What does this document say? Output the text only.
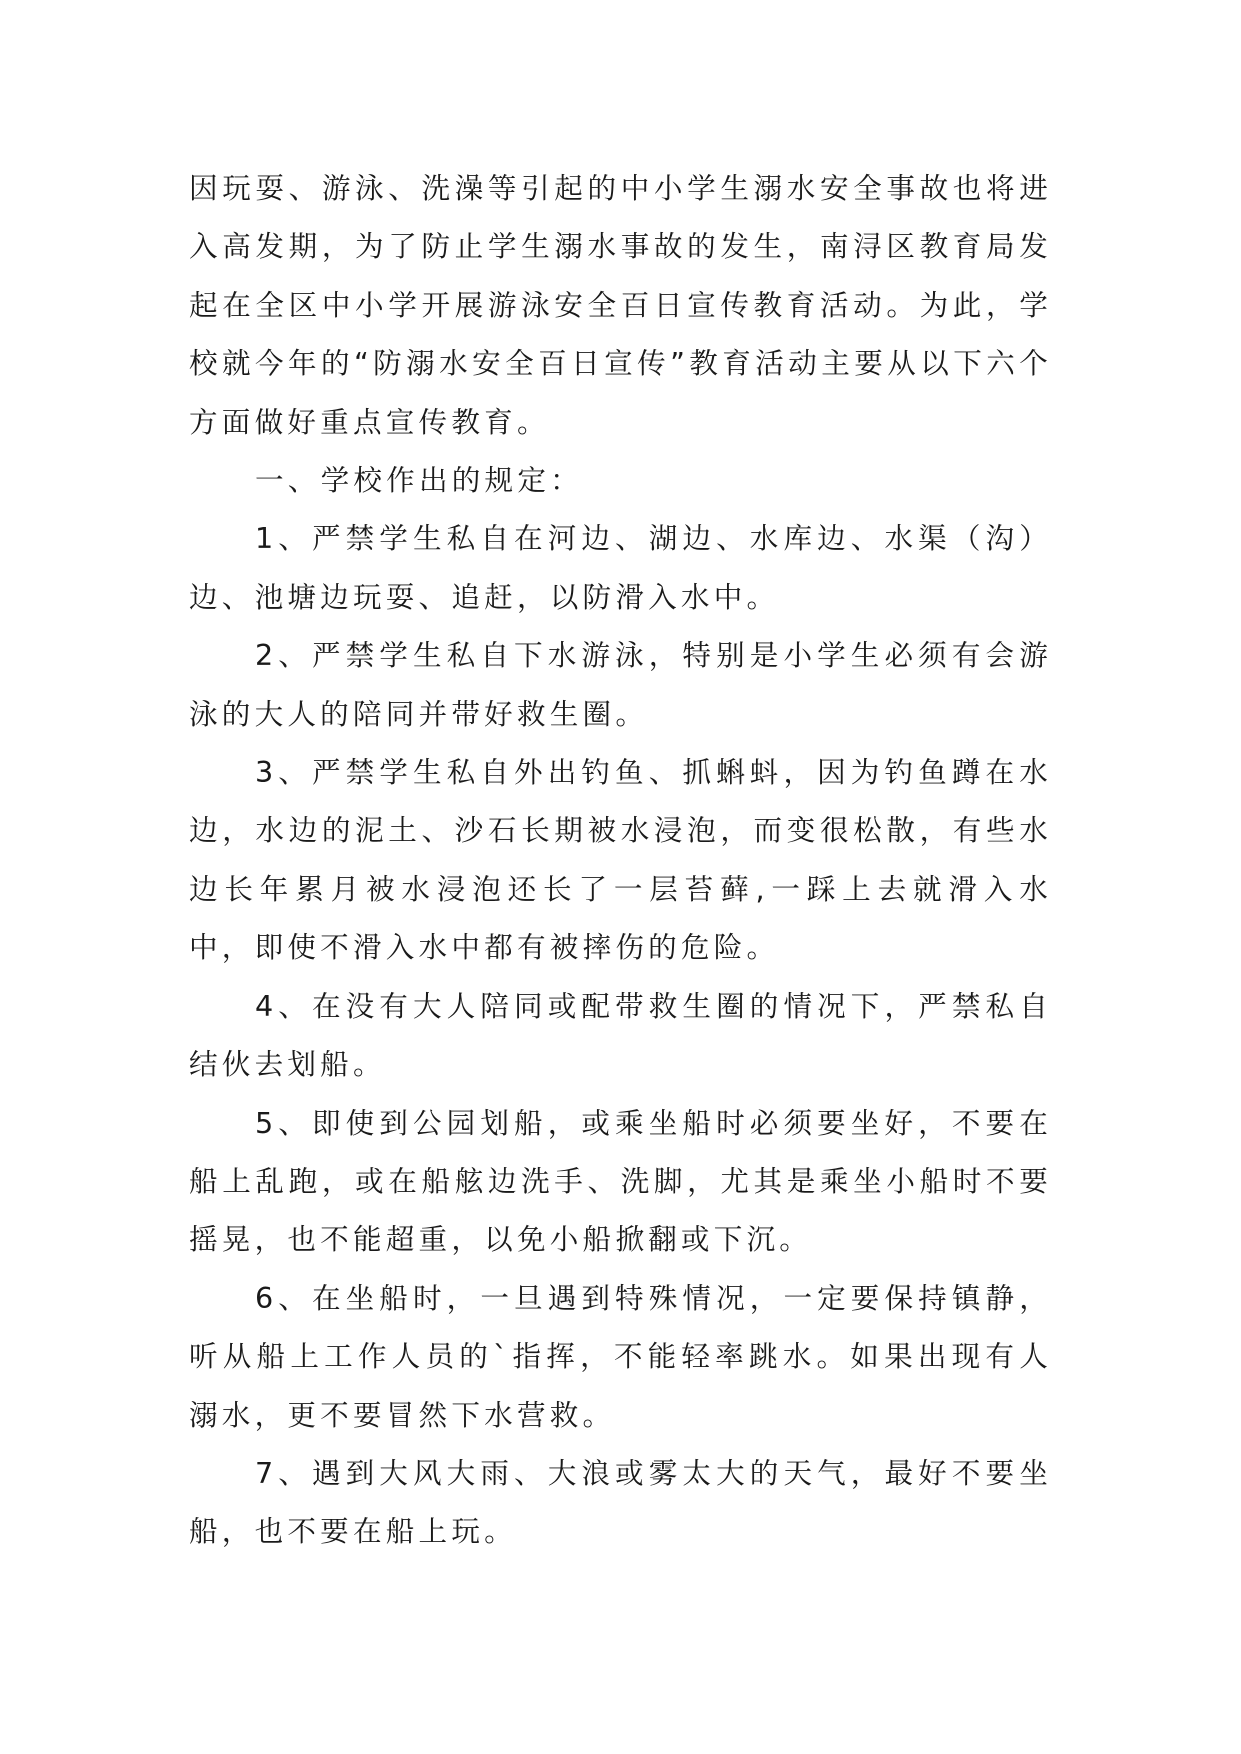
因玩耍、游泳、洗澡等引起的中小学生溺水安全事故也将进入高发期，为了防止学生溺水事故的发生，南浔区教育局发起在全区中小学开展游泳安全百日宣传教育活动。为此，学校就今年的“防溺水安全百日宣传”教育活动主要从以下六个方面做好重点宣传教育。

一、学校作出的规定：

1、严禁学生私自在河边、湖边、水库边、水渠（沟）边、池塘边玩耍、追赶，以防滑入水中。

2、严禁学生私自下水游泳，特别是小学生必须有会游泳的大人的陪同并带好救生圈。

3、严禁学生私自外出钓鱼、抓蝌蚪，因为钓鱼蹲在水边，水边的泥土、沙石长期被水浸泡，而变很松散，有些水边长年累月被水浸泡还长了一层苔藓,一踩上去就滑入水中，即使不滑入水中都有被摔伤的危险。

4、在没有大人陪同或配带救生圈的情况下，严禁私自结伙去划船。

5、即使到公园划船，或乘坐船时必须要坐好，不要在船上乱跑，或在船舷边洗手、洗脚，尤其是乘坐小船时不要摇晃，也不能超重，以免小船掀翻或下沉。

6、在坐船时，一旦遇到特殊情况，一定要保持镇静，听从船上工作人员的`指挥，不能轻率跳水。如果出现有人溺水，更不要冒然下水营救。

7、遇到大风大雨、大浪或雾太大的天气，最好不要坐船，也不要在船上玩。
